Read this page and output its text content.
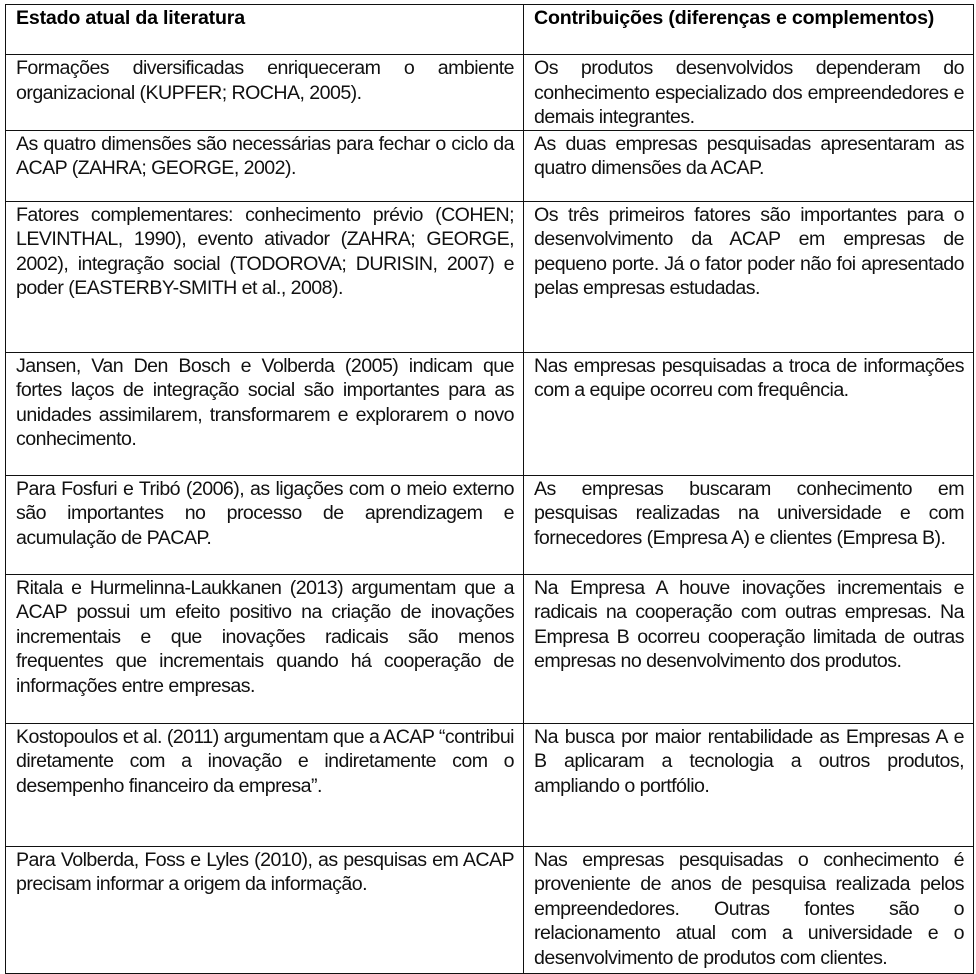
Estado atual da literatura	Contribuições (diferenças e complementos)
Formações diversificadas enriqueceram o ambiente organizacional (KUPFER; ROCHA, 2005).	Os produtos desenvolvidos dependeram do conhecimento especializado dos empreendedores e demais integrantes.
As quatro dimensões são necessárias para fechar o ciclo da ACAP (ZAHRA; GEORGE, 2002).	As duas empresas pesquisadas apresentaram as quatro dimensões da ACAP.
Fatores complementares: conhecimento prévio (COHEN; LEVINTHAL, 1990), evento ativador (ZAHRA; GEORGE, 2002), integração social (TODOROVA; DURISIN, 2007) e poder (EASTERBY-SMITH et al., 2008).	Os três primeiros fatores são importantes para o desenvolvimento da ACAP em empresas de pequeno porte. Já o fator poder não foi apresentado pelas empresas estudadas.
Jansen, Van Den Bosch e Volberda (2005) indicam que fortes laços de integração social são importantes para as unidades assimilarem, transformarem e explorarem o novo conhecimento.	Nas empresas pesquisadas a troca de informações com a equipe ocorreu com frequência.
Para Fosfuri e Tribó (2006), as ligações com o meio externo são importantes no processo de aprendizagem e acumulação de PACAP.	As empresas buscaram conhecimento em pesquisas realizadas na universidade e com fornecedores (Empresa A) e clientes (Empresa B).
Ritala e Hurmelinna-Laukkanen (2013) argumentam que a ACAP possui um efeito positivo na criação de inovações incrementais e que inovações radicais são menos frequentes que incrementais quando há cooperação de informações entre empresas.	Na Empresa A houve inovações incrementais e radicais na cooperação com outras empresas. Na Empresa B ocorreu cooperação limitada de outras empresas no desenvolvimento dos produtos.
Kostopoulos et al. (2011) argumentam que a ACAP “contribui diretamente com a inovação e indiretamente com o desempenho financeiro da empresa”.	Na busca por maior rentabilidade as Empresas A e B aplicaram a tecnologia a outros produtos, ampliando o portfólio.
Para Volberda, Foss e Lyles (2010), as pesquisas em ACAP precisam informar a origem da informação.	Nas empresas pesquisadas o conhecimento é proveniente de anos de pesquisa realizada pelos empreendedores. Outras fontes são o relacionamento atual com a universidade e o desenvolvimento de produtos com clientes.
